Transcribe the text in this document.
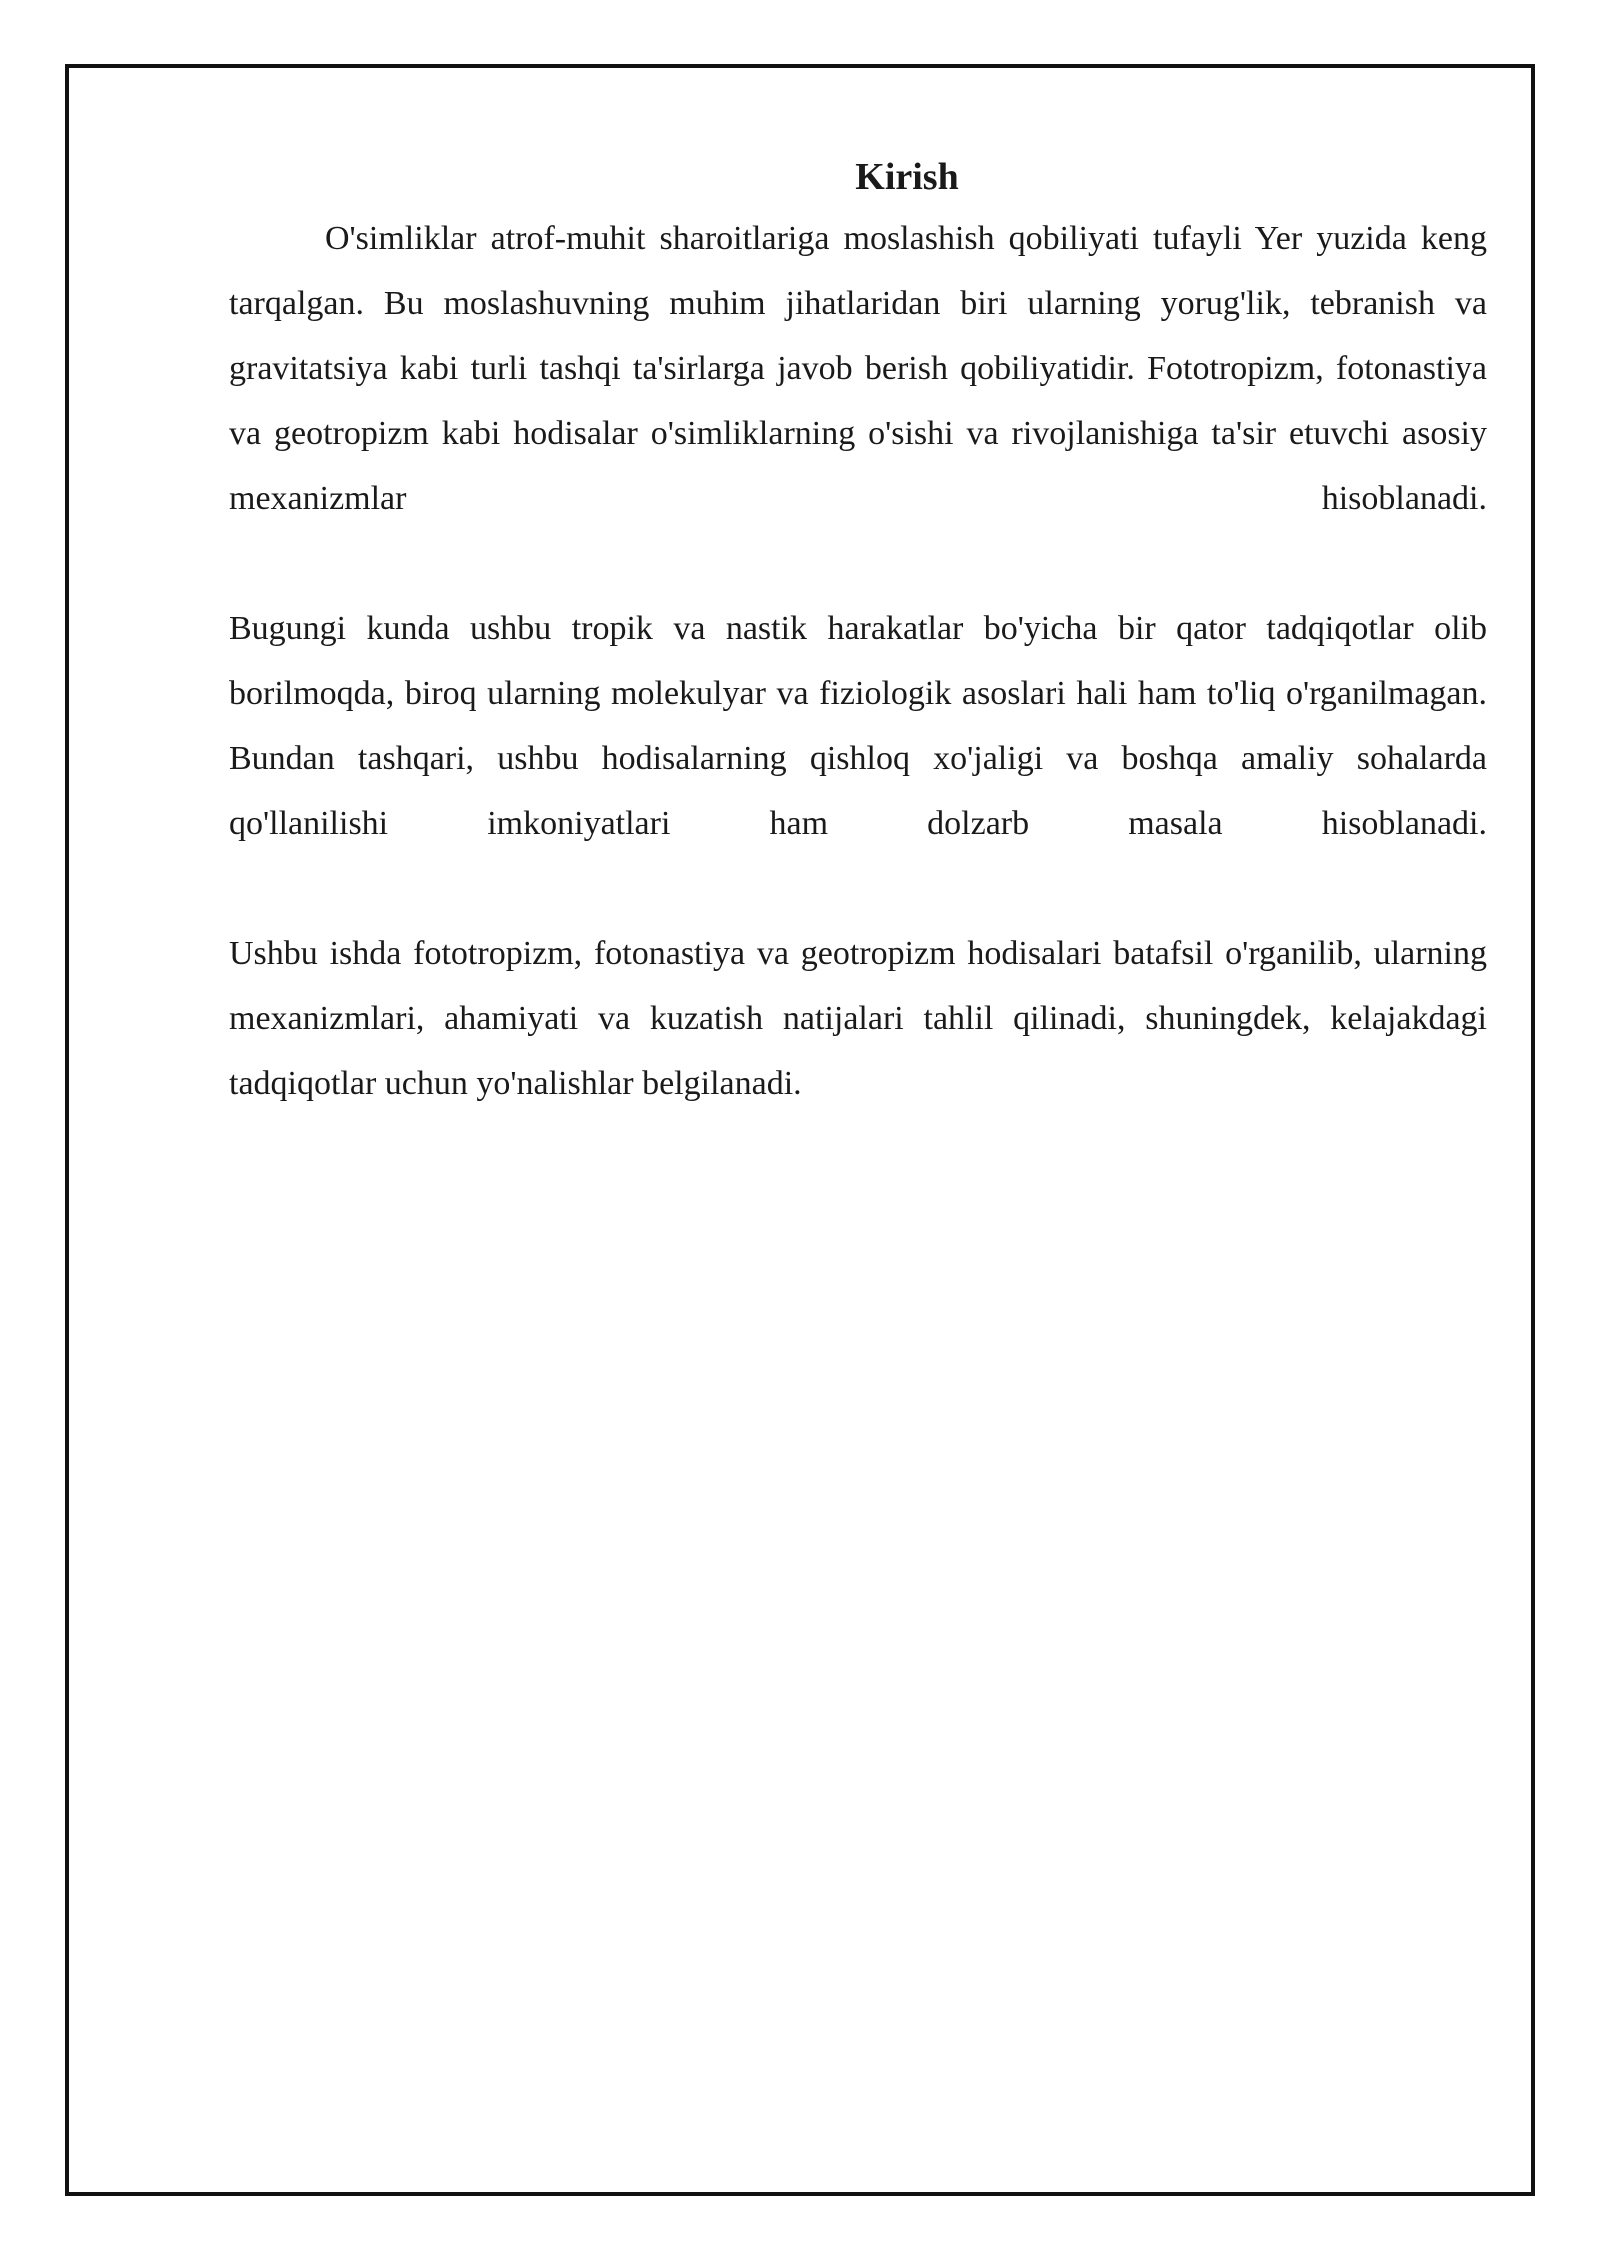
Kirish

O'simliklar atrof-muhit sharoitlariga moslashish qobiliyati tufayli Yer yuzida keng tarqalgan. Bu moslashuvning muhim jihatlaridan biri ularning yorug'lik, tebranish va gravitatsiya kabi turli tashqi ta'sirlarga javob berish qobiliyatidir. Fototropizm, fotonastiya va geotropizm kabi hodisalar o'simliklarning o'sishi va rivojlanishiga ta'sir etuvchi asosiy mexanizmlar hisoblanadi.

Bugungi kunda ushbu tropik va nastik harakatlar bo'yicha bir qator tadqiqotlar olib borilmoqda, biroq ularning molekulyar va fiziologik asoslari hali ham to'liq o'rganilmagan. Bundan tashqari, ushbu hodisalarning qishloq xo'jaligi va boshqa amaliy sohalarda qo'llanilishi imkoniyatlari ham dolzarb masala hisoblanadi.

Ushbu ishda fototropizm, fotonastiya va geotropizm hodisalari batafsil o'rganilib, ularning mexanizmlari, ahamiyati va kuzatish natijalari tahlil qilinadi, shuningdek, kelajakdagi tadqiqotlar uchun yo'nalishlar belgilanadi.
